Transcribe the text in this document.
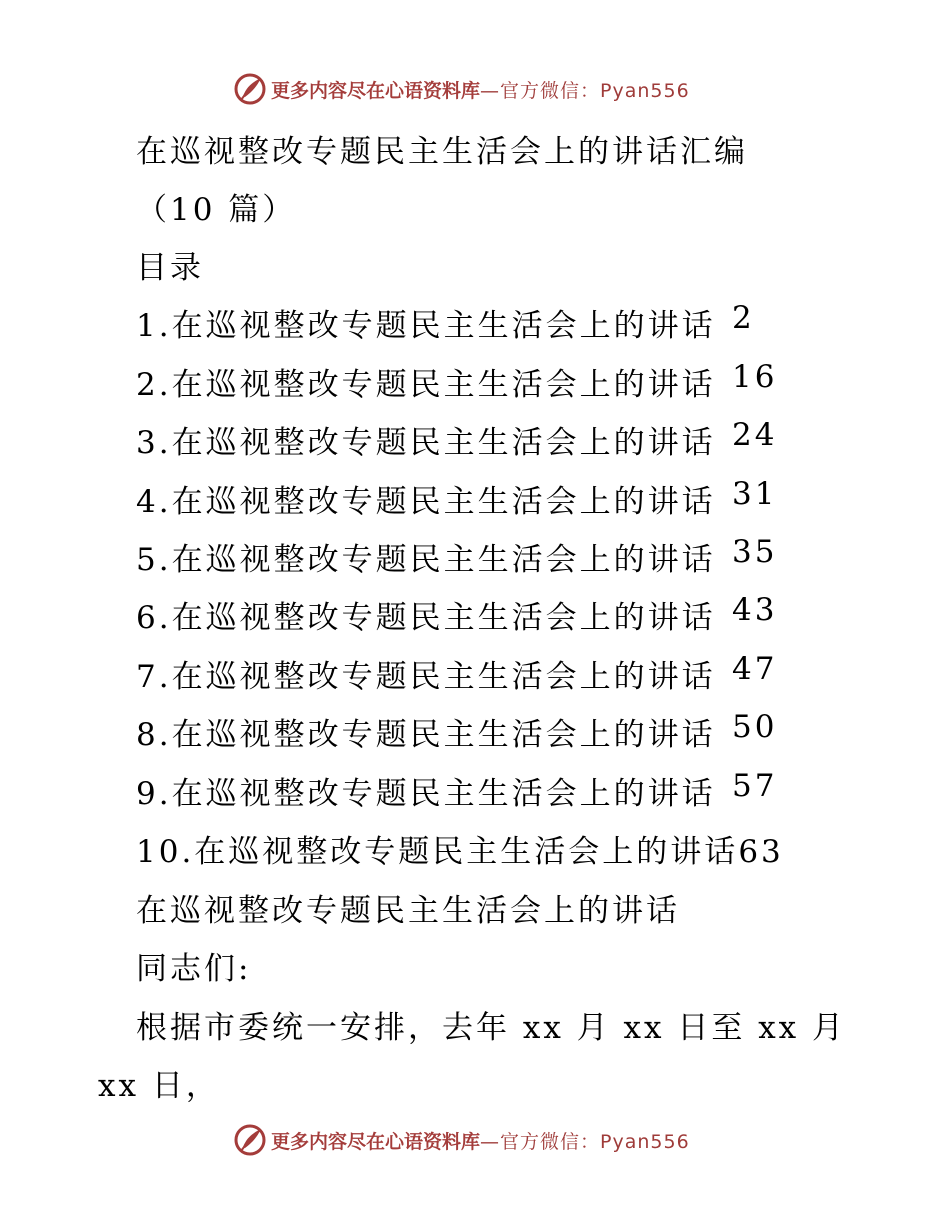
更多内容尽在心语资料库 —官方微信：Pyan556
在巡视整改专题民主生活会上的讲话汇编
（10 篇）
目录
1.在巡视整改专题民主生活会上的讲话 2
2.在巡视整改专题民主生活会上的讲话 16
3.在巡视整改专题民主生活会上的讲话 24
4.在巡视整改专题民主生活会上的讲话 31
5.在巡视整改专题民主生活会上的讲话 35
6.在巡视整改专题民主生活会上的讲话 43
7.在巡视整改专题民主生活会上的讲话 47
8.在巡视整改专题民主生活会上的讲话 50
9.在巡视整改专题民主生活会上的讲话 57
10.在巡视整改专题民主生活会上的讲话63
在巡视整改专题民主生活会上的讲话
同志们:
根据市委统一安排，去年 xx 月 xx 日至 xx 月
xx 日，
更多内容尽在心语资料库 —官方微信：Pyan556
